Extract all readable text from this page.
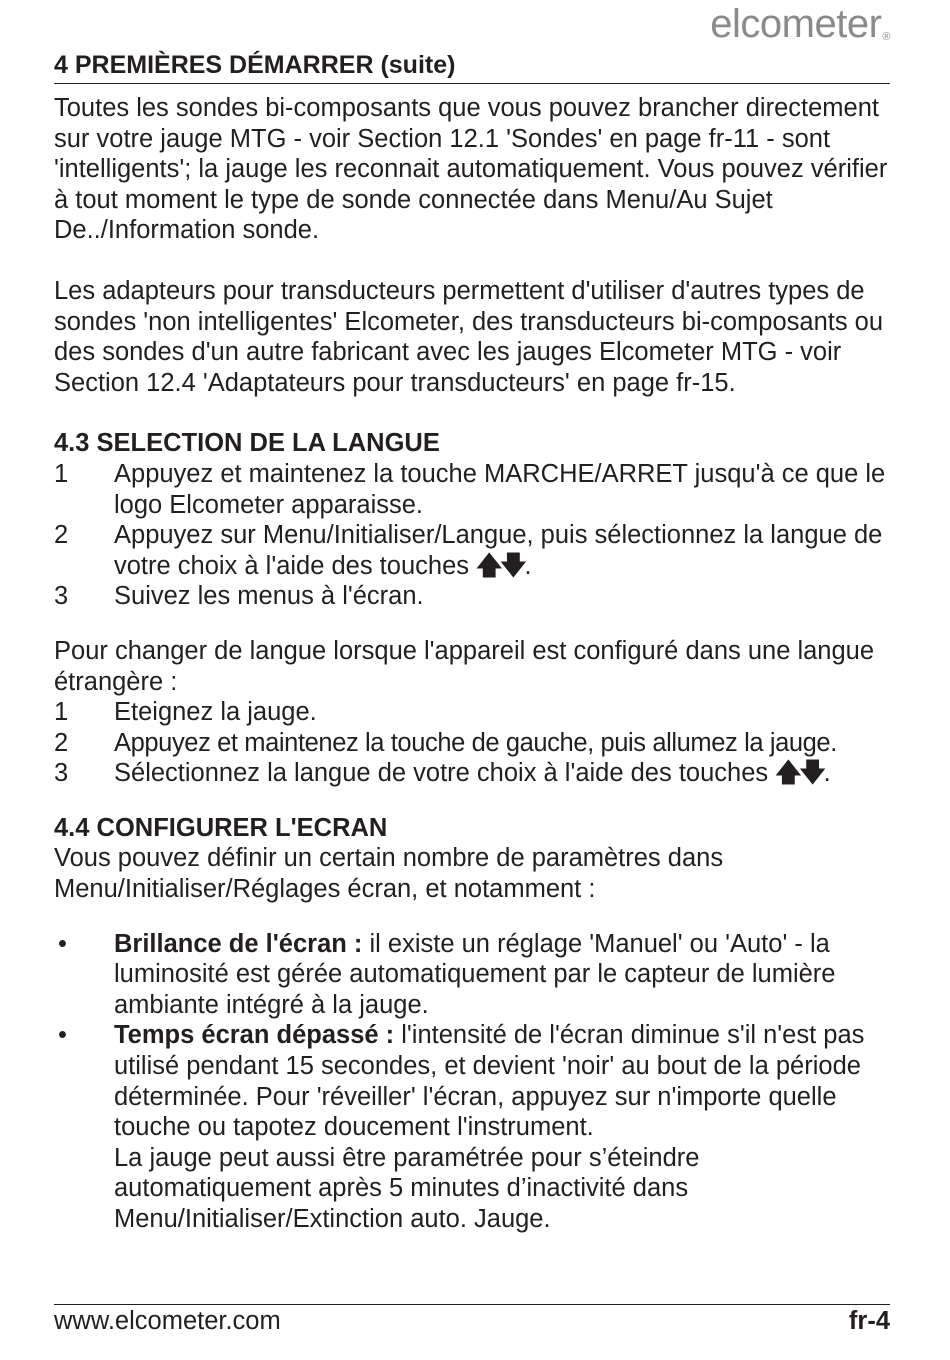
elcometer®
4 PREMIÈRES DÉMARRER (suite)

Toutes les sondes bi-composants que vous pouvez brancher directement sur votre jauge MTG - voir Section 12.1 'Sondes' en page fr-11 - sont 'intelligents'; la jauge les reconnait automatiquement. Vous pouvez vérifier à tout moment le type de sonde connectée dans Menu/Au Sujet De../Information sonde.

Les adapteurs pour transducteurs permettent d'utiliser d'autres types de sondes 'non intelligentes' Elcometer, des transducteurs bi-composants ou des sondes d'un autre fabricant avec les jauges Elcometer MTG - voir Section 12.4 'Adaptateurs pour transducteurs' en page fr-15.

4.3 SELECTION DE LA LANGUE
1	Appuyez et maintenez la touche MARCHE/ARRET jusqu'à ce que le logo Elcometer apparaisse.
2	Appuyez sur Menu/Initialiser/Langue, puis sélectionnez la langue de votre choix à l'aide des touches 🡅🡇.
3	Suivez les menus à l'écran.

Pour changer de langue lorsque l'appareil est configuré dans une langue étrangère :

1	Eteignez la jauge.
2	Appuyez et maintenez la touche de gauche, puis allumez la jauge.
3	Sélectionnez la langue de votre choix à l'aide des touches 🡅🡇.
4.4 CONFIGURER L'ECRAN

Vous pouvez définir un certain nombre de paramètres dans Menu/Initialiser/Réglages écran, et notamment :

•	Brillance de l'écran : il existe un réglage 'Manuel' ou 'Auto' - la luminosité est gérée automatiquement par le capteur de lumière ambiante intégré à la jauge.
•	Temps écran dépassé : l'intensité de l'écran diminue s'il n'est pas utilisé pendant 15 secondes, et devient 'noir' au bout de la période déterminée. Pour 'réveiller' l'écran, appuyez sur n'importe quelle touche ou tapotez doucement l'instrument.
La jauge peut aussi être paramétrée pour s’éteindre automatiquement après 5 minutes d’inactivité dans Menu/Initialiser/Extinction auto. Jauge.
www.elcometer.com	fr-4
